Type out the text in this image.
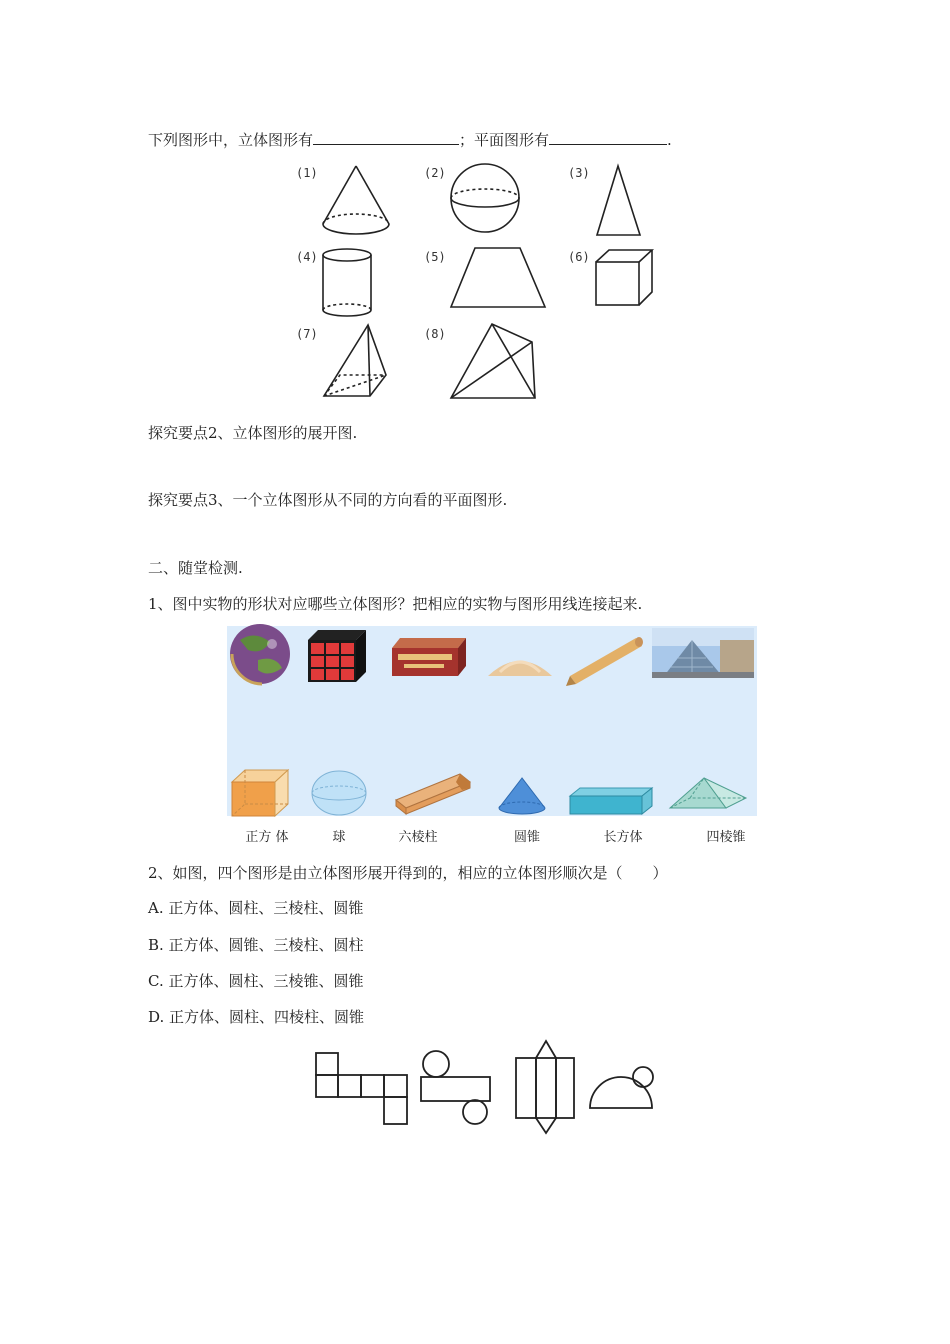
下列图形中，立体图形有	；平面图形有	.
(1)	(2)	(3)
(4)	(5)	(6)
(7)	(8)
探究要点2、立体图形的展开图.
探究要点3、一个立体图形从不同的方向看的平面图形.
二、随堂检测.
1、图中实物的形状对应哪些立体图形？把相应的实物与图形用线连接起来.
正方 体	球	六棱柱	圆锥	长方体	四棱锥
2、如图，四个图形是由立体图形展开得到的，相应的立体图形顺次是（　　）
A. 正方体、圆柱、三棱柱、圆锥
B. 正方体、圆锥、三棱柱、圆柱
C. 正方体、圆柱、三棱锥、圆锥
D. 正方体、圆柱、四棱柱、圆锥
